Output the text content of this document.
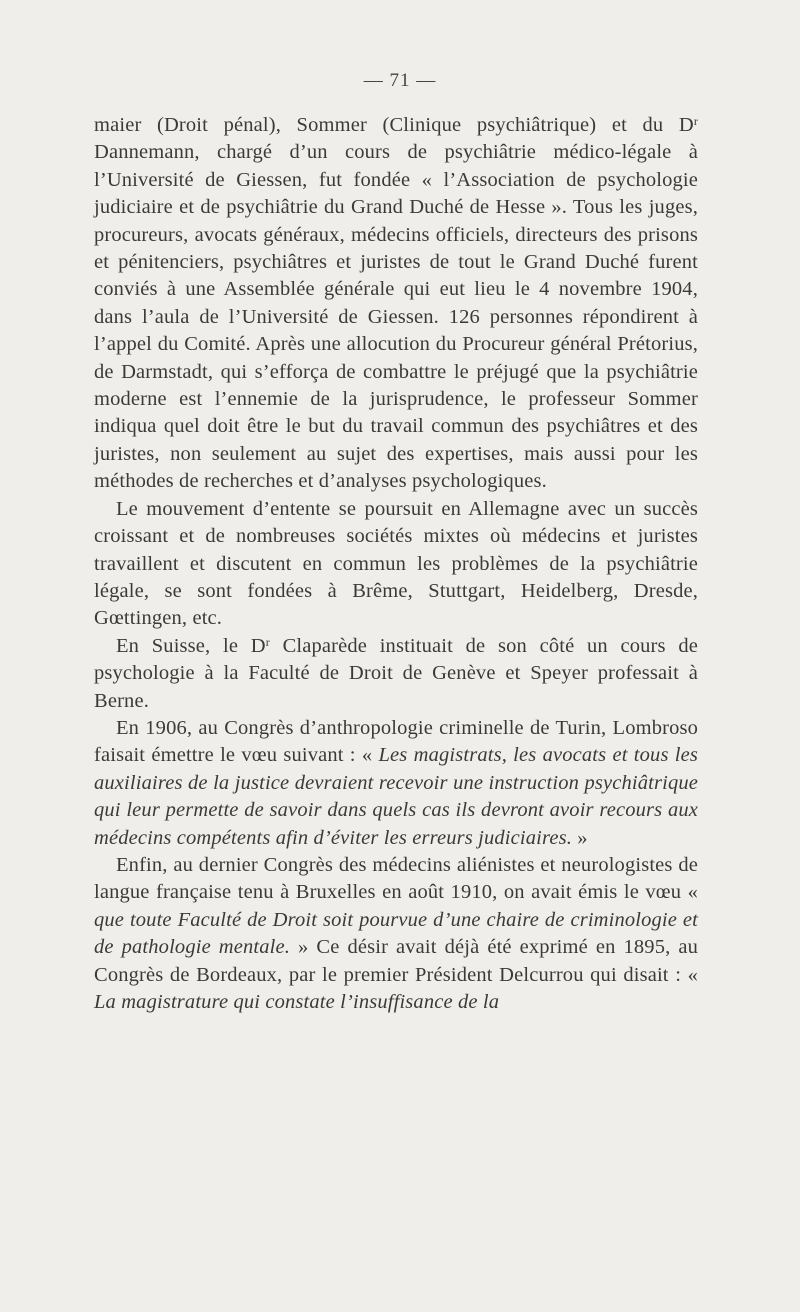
— 71 —

maier (Droit pénal), Sommer (Clinique psychiâtrique) et du $D^r$ Dannemann, chargé d’un cours de psychiâtrie médico-légale à l’Université de Giessen, fut fondée « l’Association de psychologie judiciaire et de psychiâtrie du Grand Duché de Hesse ». Tous les juges, procureurs, avocats généraux, médecins officiels, directeurs des prisons et pénitenciers, psychiâtres et juristes de tout le Grand Duché furent conviés à une Assemblée générale qui eut lieu le 4 novembre 1904, dans l’aula de l’Université de Giessen. 126 personnes répondirent à l’appel du Comité. Après une allocution du Procureur général Prétorius, de Darmstadt, qui s’efforça de combattre le préjugé que la psychiâtrie moderne est l’ennemie de la jurisprudence, le professeur Sommer indiqua quel doit être le but du travail commun des psychiâtres et des juristes, non seulement au sujet des expertises, mais aussi pour les méthodes de recherches et d’analyses psychologiques.

Le mouvement d’entente se poursuit en Allemagne avec un succès croissant et de nombreuses sociétés mixtes où médecins et juristes travaillent et discutent en commun les problèmes de la psychiâtrie légale, se sont fondées à Brême, Stuttgart, Heidelberg, Dresde, Gœttingen, etc.

En Suisse, le $D^r$ Claparède instituait de son côté un cours de psychologie à la Faculté de Droit de Genève et Speyer professait à Berne.

En 1906, au Congrès d’anthropologie criminelle de Turin, Lombroso faisait émettre le vœu suivant : « Les magistrats, les avocats et tous les auxiliaires de la justice devraient recevoir une instruction psychiâtrique qui leur permette de savoir dans quels cas ils devront avoir recours aux médecins compétents afin d’éviter les erreurs judiciaires. »

Enfin, au dernier Congrès des médecins aliénistes et neurologistes de langue française tenu à Bruxelles en août 1910, on avait émis le vœu « que toute Faculté de Droit soit pourvue d’une chaire de criminologie et de pathologie mentale. » Ce désir avait déjà été exprimé en 1895, au Congrès de Bordeaux, par le premier Président Delcurrou qui disait : « La magistrature qui constate l’insuffisance de la
